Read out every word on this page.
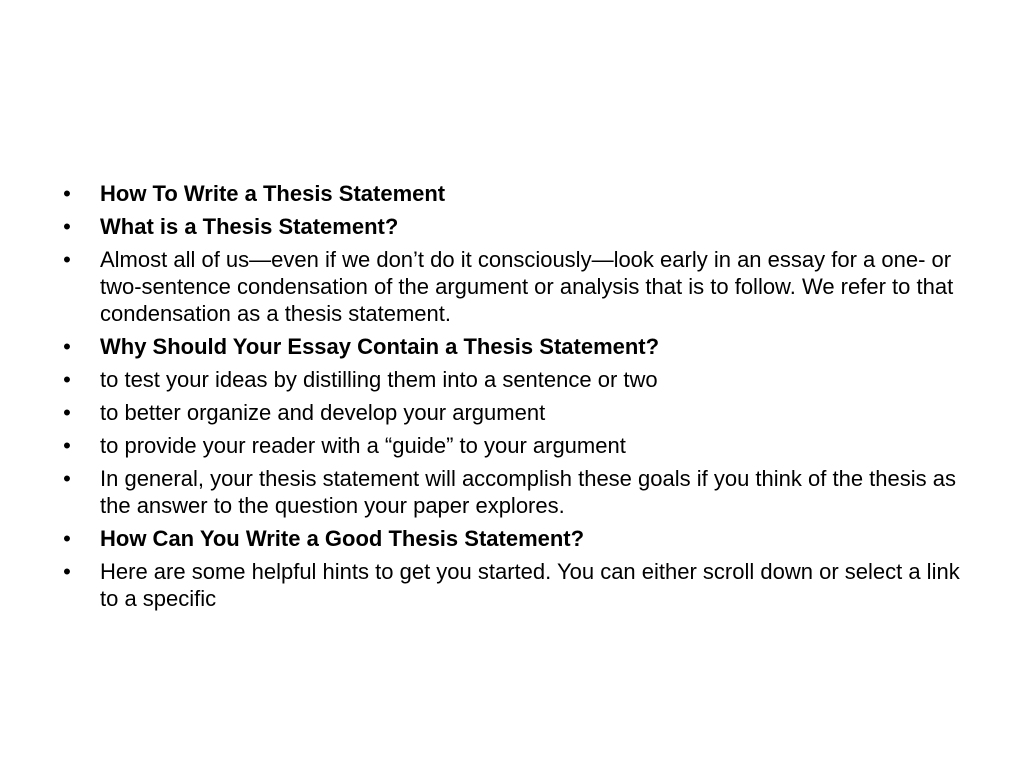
• How To Write a Thesis Statement
• What is a Thesis Statement?
• Almost all of us—even if we don’t do it consciously—look early in an essay for a one- or two-sentence condensation of the argument or analysis that is to follow. We refer to that condensation as a thesis statement.
• Why Should Your Essay Contain a Thesis Statement?
• to test your ideas by distilling them into a sentence or two
• to better organize and develop your argument
• to provide your reader with a “guide” to your argument
• In general, your thesis statement will accomplish these goals if you think of the thesis as the answer to the question your paper explores.
• How Can You Write a Good Thesis Statement?
• Here are some helpful hints to get you started. You can either scroll down or select a link to a specific
